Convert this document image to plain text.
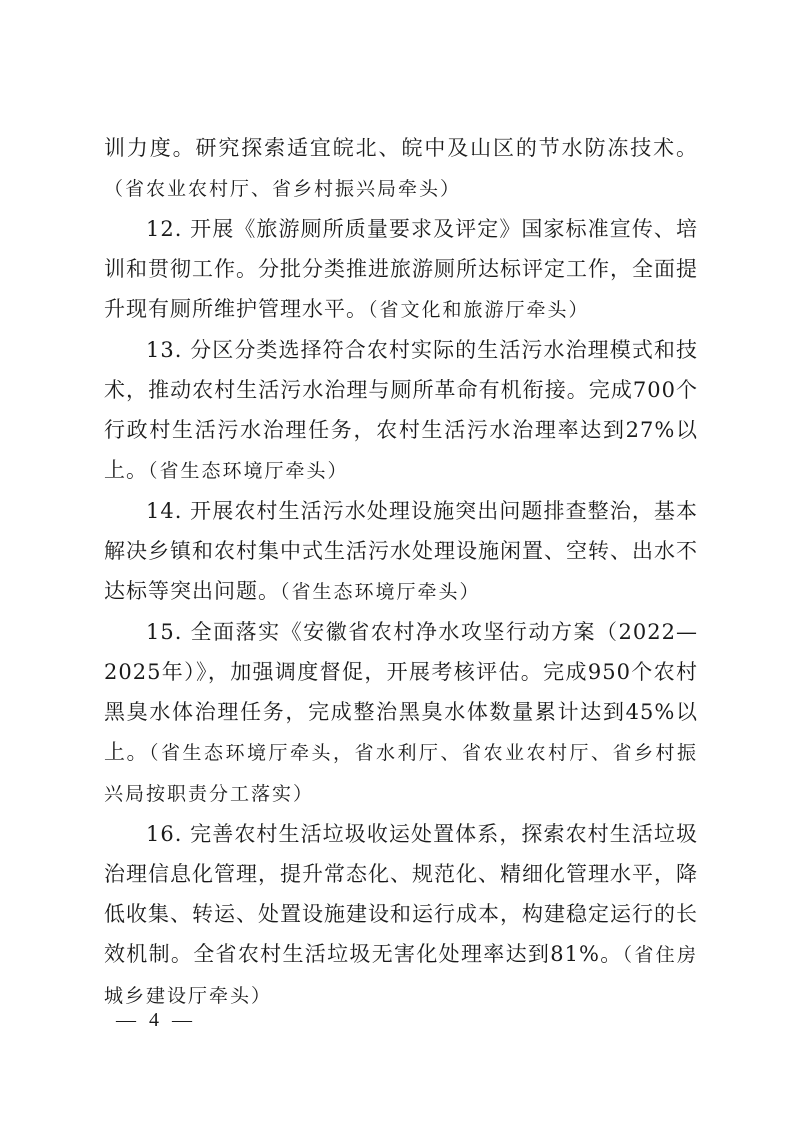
训力度。研究探索适宜皖北、皖中及山区的节水防冻技术。（省农业农村厅、省乡村振兴局牵头）

12. 开展《旅游厕所质量要求及评定》国家标准宣传、培训和贯彻工作。分批分类推进旅游厕所达标评定工作，全面提升现有厕所维护管理水平。（省文化和旅游厅牵头）

13. 分区分类选择符合农村实际的生活污水治理模式和技术，推动农村生活污水治理与厕所革命有机衔接。完成700个行政村生活污水治理任务，农村生活污水治理率达到27%以上。（省生态环境厅牵头）

14. 开展农村生活污水处理设施突出问题排查整治，基本解决乡镇和农村集中式生活污水处理设施闲置、空转、出水不达标等突出问题。（省生态环境厅牵头）

15. 全面落实《安徽省农村净水攻坚行动方案（2022—2025年）》，加强调度督促，开展考核评估。完成950个农村黑臭水体治理任务，完成整治黑臭水体数量累计达到45%以上。（省生态环境厅牵头，省水利厅、省农业农村厅、省乡村振兴局按职责分工落实）

16. 完善农村生活垃圾收运处置体系，探索农村生活垃圾治理信息化管理，提升常态化、规范化、精细化管理水平，降低收集、转运、处置设施建设和运行成本，构建稳定运行的长效机制。全省农村生活垃圾无害化处理率达到81%。（省住房城乡建设厅牵头）

— 4 —
